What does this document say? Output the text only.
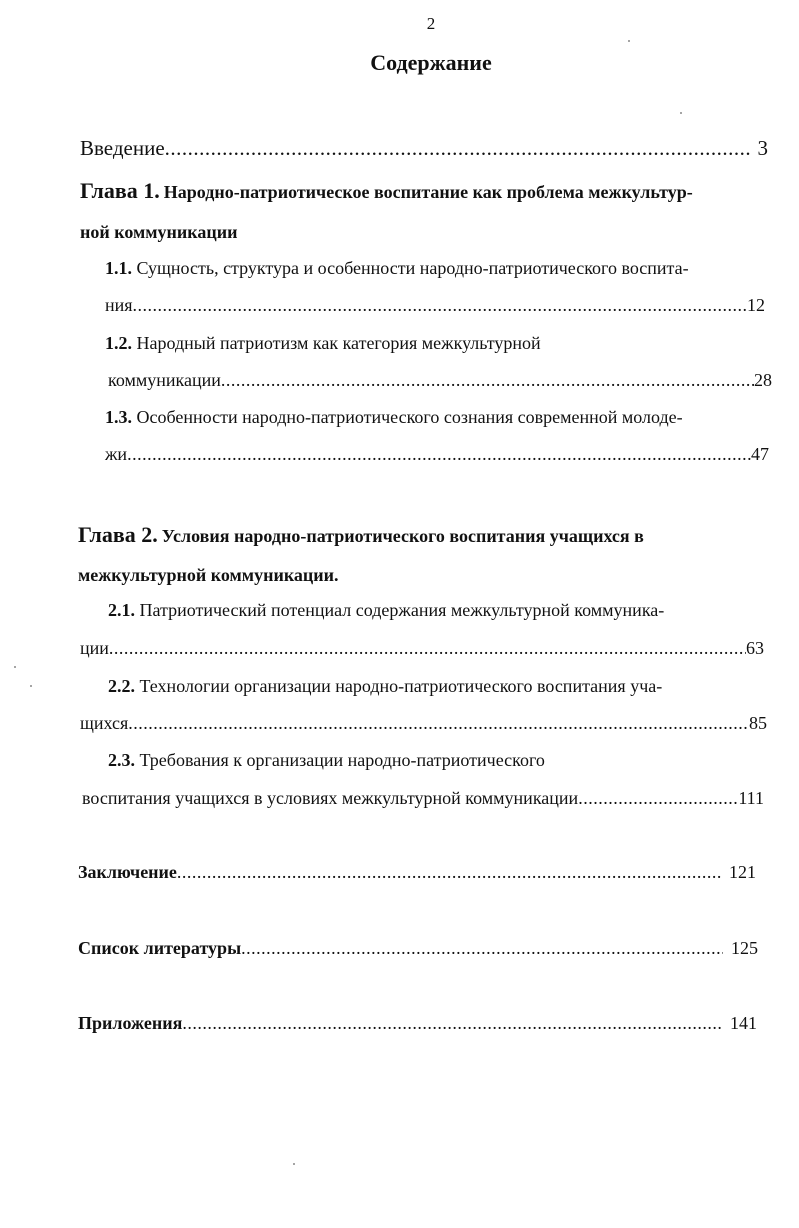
2
Содержание
Введение .....	3
Глава 1. Народно-патриотическое воспитание как проблема межкультур-
ной коммуникации
1.1. Сущность, структура и особенности народно-патриотического воспита-
ния .....	12
1.2. Народный патриотизм как категория межкультурной
коммуникации .....	28
1.3. Особенности народно-патриотического сознания современной молоде-
жи .....	47
Глава 2. Условия народно-патриотического воспитания учащихся в
межкультурной коммуникации.
2.1. Патриотический потенциал содержания межкультурной коммуника-
ции .....	63
2.2. Технологии организации народно-патриотического воспитания уча-
щихся .....	85
2.3. Требования к организации народно-патриотического
воспитания учащихся в условиях межкультурной коммуникации .....	111
Заключение .....	121
Список литературы .....	125
Приложения .....	141
